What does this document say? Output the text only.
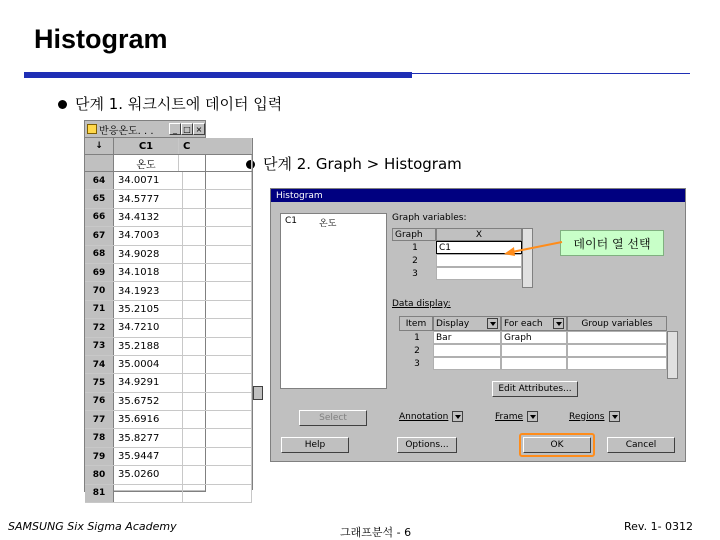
Histogram
단계 1. 워크시트에 데이터 입력
단계 2. Graph > Histogram
반응온도. . .	_ □ ×
↓	C1	C
온도
64	34.0071
65	34.5777
66	34.4132
67	34.7003
68	34.9028
69	34.1018
70	34.1923
71	35.2105
72	34.7210
73	35.2188
74	35.0004
75	34.9291
76	35.6752
77	35.6916
78	35.8277
79	35.9447
80	35.0260
81
Histogram
C1	온도
Graph variables:
Graph	X
1	C1
2
3
Data display:
Item	Display	For each	Group variables
1	Bar	Graph
2
3
Edit Attributes...
Select	Annotation	Frame	Regions
Help	Options...	OK	Cancel
데이터 열 선택
SAMSUNG Six Sigma Academy	그래프분석 - 6	Rev. 1- 0312
